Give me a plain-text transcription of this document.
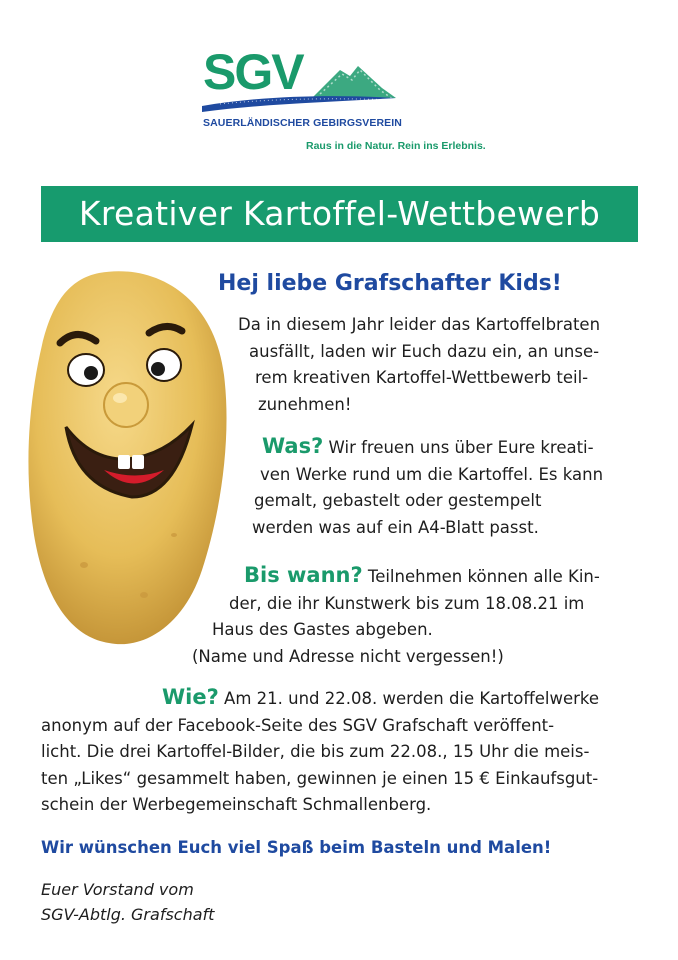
SGV
SAUERLÄNDISCHER GEBIRGSVEREIN
Raus in die Natur. Rein ins Erlebnis.
Kreativer Kartoffel-Wettbewerb
Hej liebe Grafschafter Kids!
Da in diesem Jahr leider das Kartoffelbraten
ausfällt, laden wir Euch dazu ein, an unse-
rem kreativen Kartoffel-Wettbewerb teil-
zunehmen!
Was? Wir freuen uns über Eure kreati-
ven Werke rund um die Kartoffel. Es kann
gemalt, gebastelt oder gestempelt
werden was auf ein A4-Blatt passt.
Bis wann? Teilnehmen können alle Kin-
der, die ihr Kunstwerk bis zum 18.08.21 im
Haus des Gastes abgeben.
(Name und Adresse nicht vergessen!)
Wie? Am 21. und 22.08. werden die Kartoffelwerke
anonym auf der Facebook-Seite des SGV Grafschaft veröffent-
licht. Die drei Kartoffel-Bilder, die bis zum 22.08., 15 Uhr die meis-
ten „Likes“ gesammelt haben, gewinnen je einen 15 € Einkaufsgut-
schein der Werbegemeinschaft Schmallenberg.
Wir wünschen Euch viel Spaß beim Basteln und Malen!
Euer Vorstand vom
SGV-Abtlg. Grafschaft
